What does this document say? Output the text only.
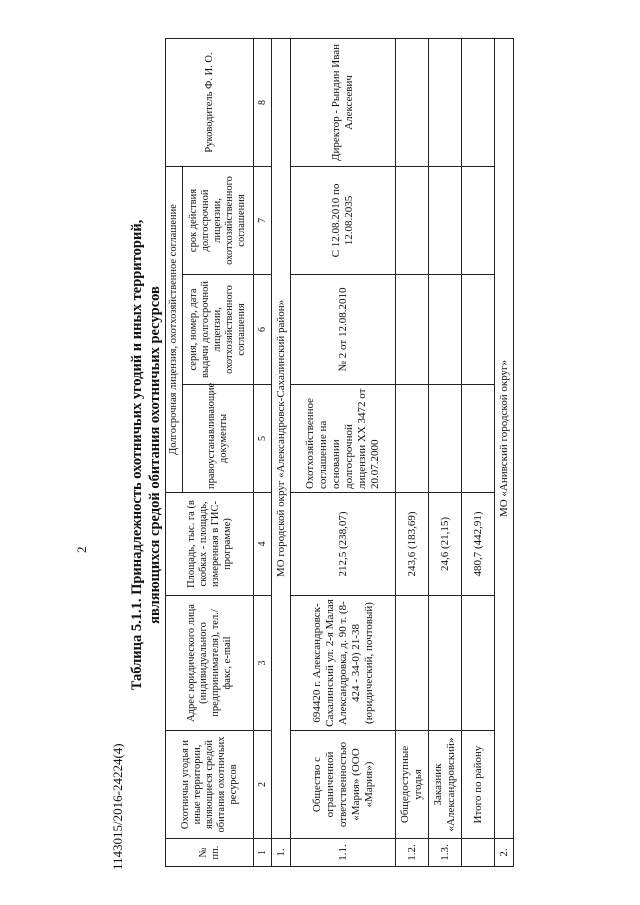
2
1143015/2016-24224(4)

Таблица 5.1.1. Принадлежность охотничьих угодий и иных территорий, являющихся средой обитания охотничьих ресурсов

№ пп.	Охотничьи угодья и иные территории, являющиеся средой обитания охотничьих ресурсов	Адрес юридического лица (индивидуального предпринимателя), тел./факс, e-mail	Площадь, тыс. га (в скобках - площадь, измеренная в ГИС-программе)	Долгосрочная лицензия, охотхозяйственное соглашение			Руководитель Ф. И. О.
				правоустанавливающие документы	серия, номер, дата выдачи долгосрочной лицензии, охотхозяйственного соглашения	срок действия долгосрочной лицензии, охотхозяйственного соглашения	
1	2	3	4	5	6	7	8
1.	МО городской округ «Александровск-Сахалинский район»						
1.1.	Общество с ограниченной ответственностью «Мария» (ООО «Мария»)	694420 г. Александровск-Сахалинский ул. 2-я Малая Александровка, д. 90 т. (8-424 - 34-0) 21-38 (юридический, почтовый)	212,5 (238,07)	Охотхозяйственное соглашение на основании долгосрочной лицензии ХХ 3472 от 20.07.2000	№ 2 от 12.08.2010	С 12.08.2010 по 12.08.2035	Директор - Рындин Иван Алексеевич
1.2.	Общедоступные угодья		243,6 (183,69)				
1.3.	Заказник «Александровский»		24,6 (21,15)				
	Итого по району		480,7 (442,91)				
2.	МО «Анивский городской округ»						
